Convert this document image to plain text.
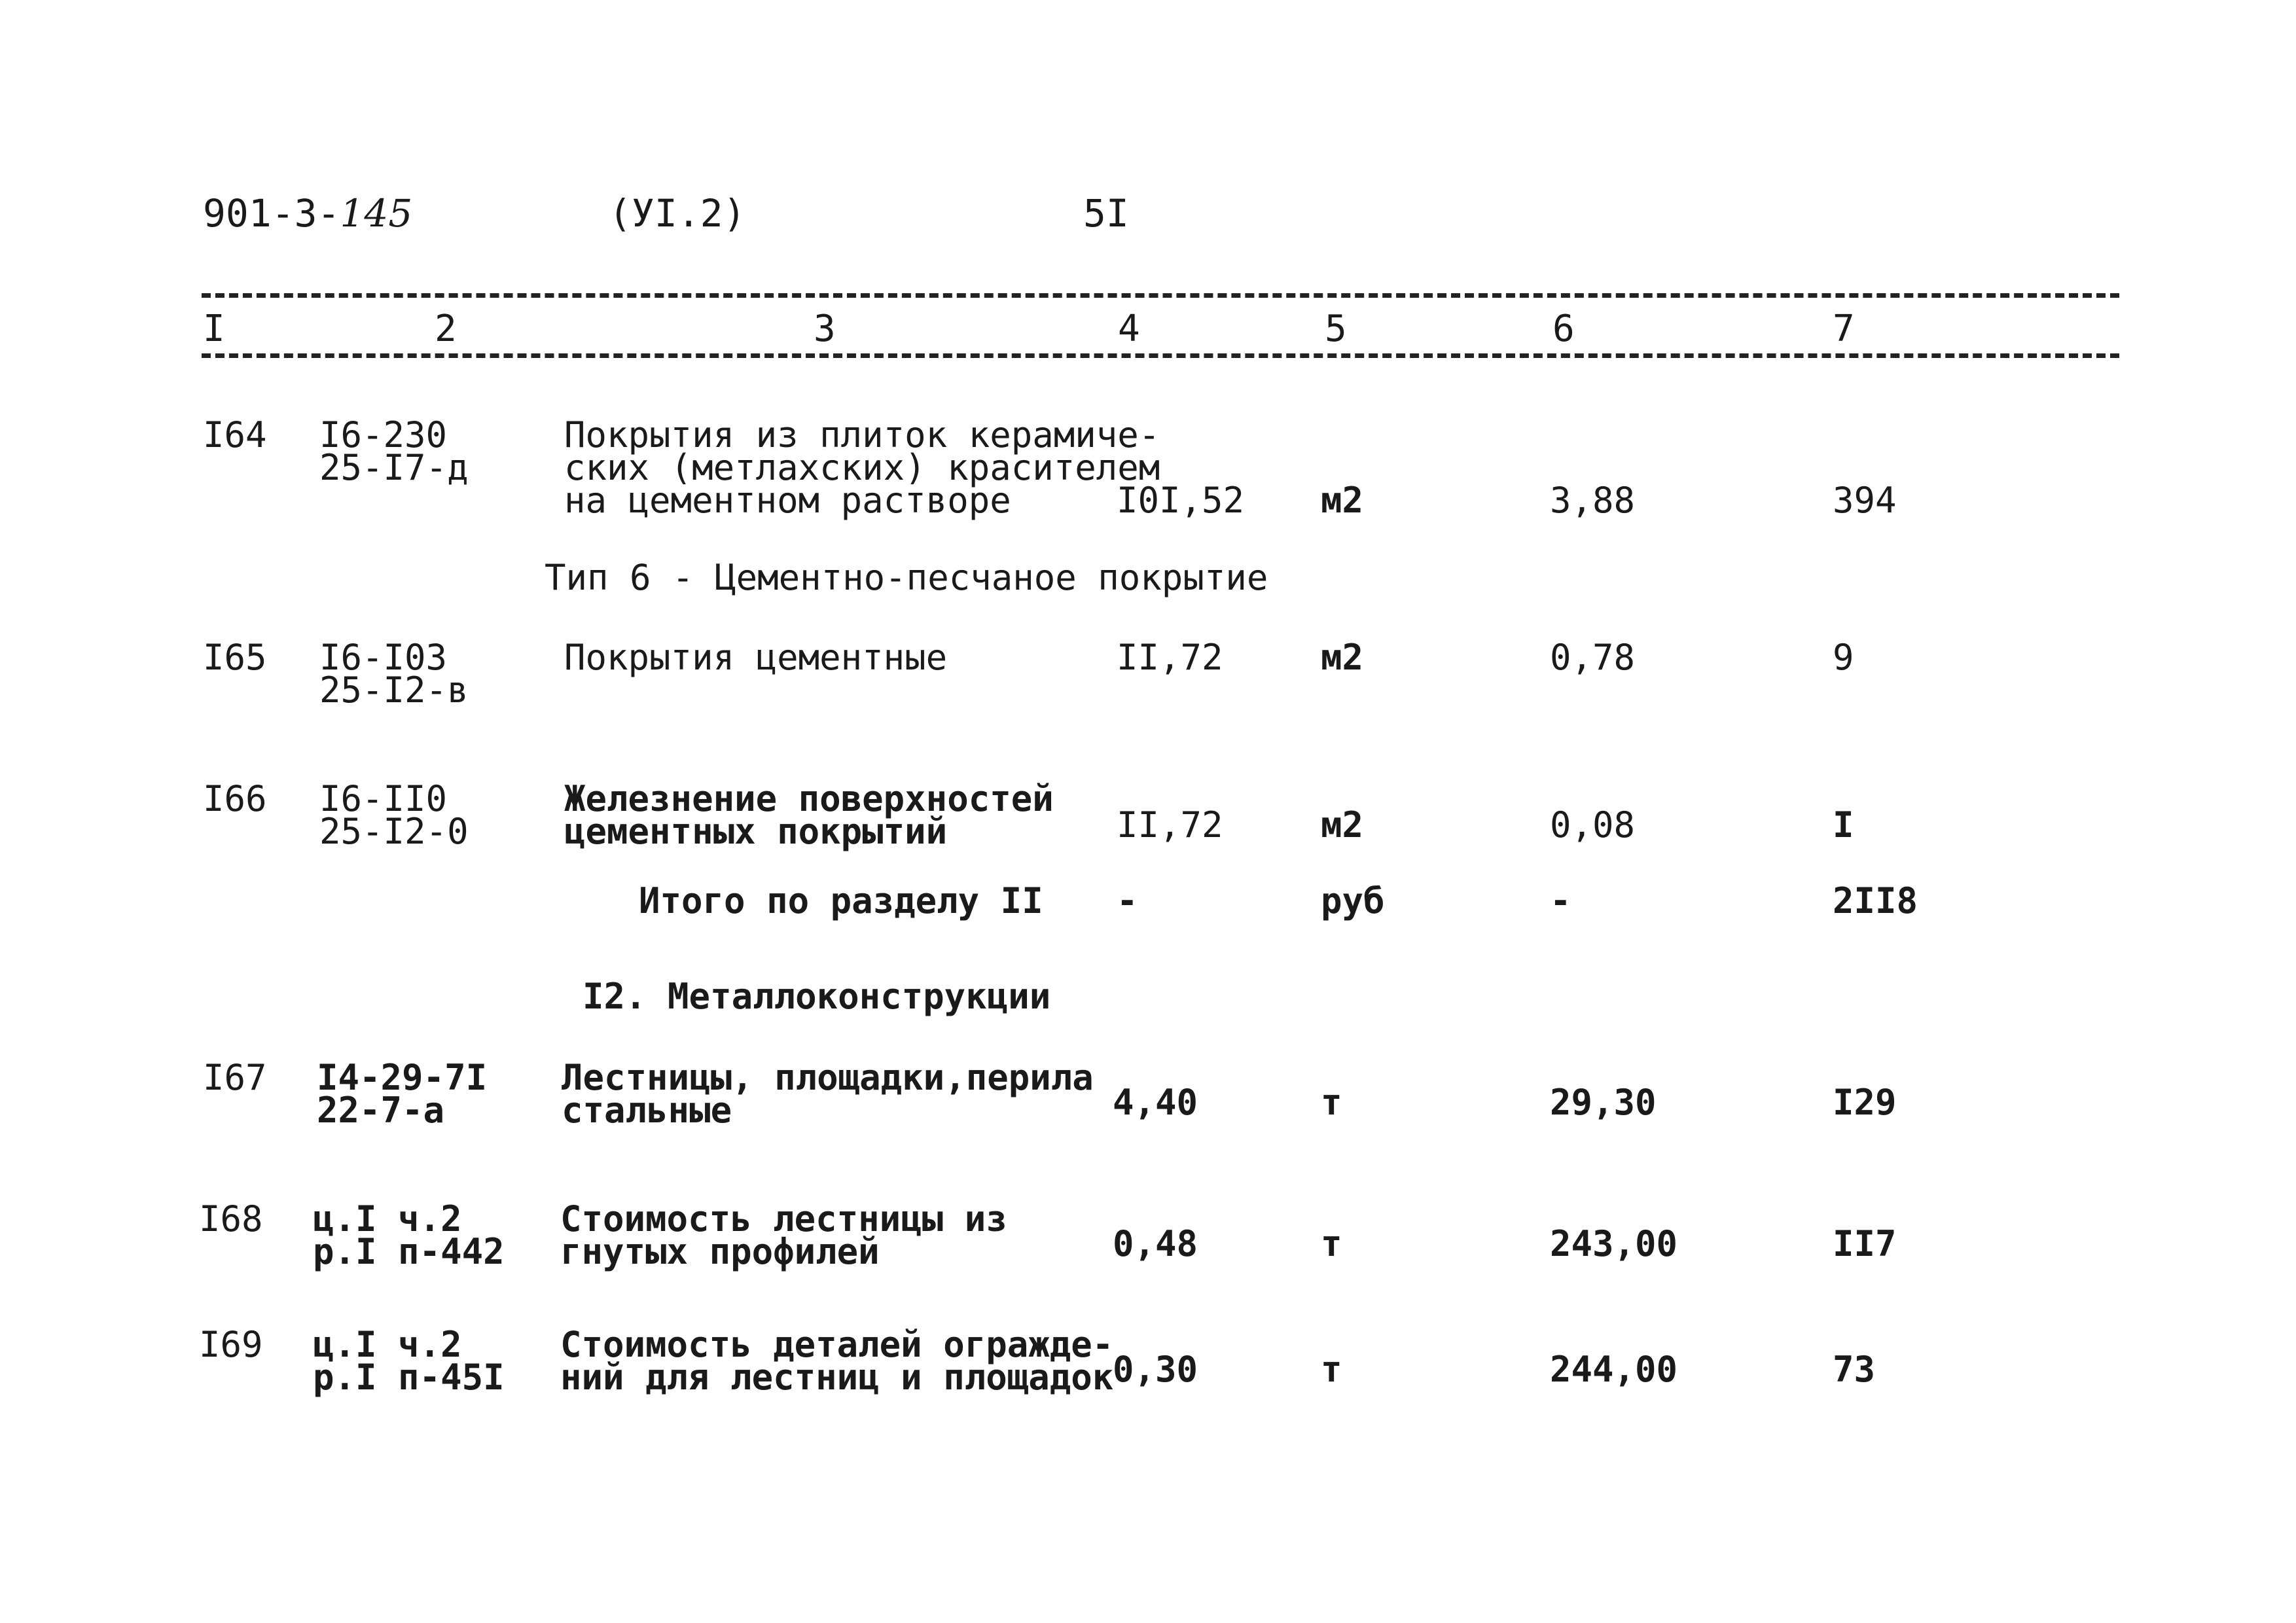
901-3-145	(УI.2)	5I
I	2	3	4	5	6	7
I64 I6-230
25-I7-д
Покрытия из плиток керамиче-
ских (метлахских) красителем
на цементном растворе	I0I,52 м2	3,88	394
Тип 6 - Цементно-песчаное покрытие
I65 I6-I03
25-I2-в
Покрытия цементные	II,72	м2	0,78	9
I66 I6-II0
25-I2-0
Железнение поверхностей
цементных покрытий	II,72	м2	0,08	I
Итого по разделу II -	руб	-	2II8
I2. Металлоконструкции
I67 I4-29-7I
22-7-а
Лестницы, площадки,перила
стальные	4,40	т	29,30	I29
I68 ц.I ч.2
р.I п-442
Стоимость лестницы из
гнутых профилей	0,48	т	243,00	II7
I69 ц.I ч.2
р.I п-45I
Стоимость деталей огражде-
ний для лестниц и площадок
0,30	т	244,00	73
